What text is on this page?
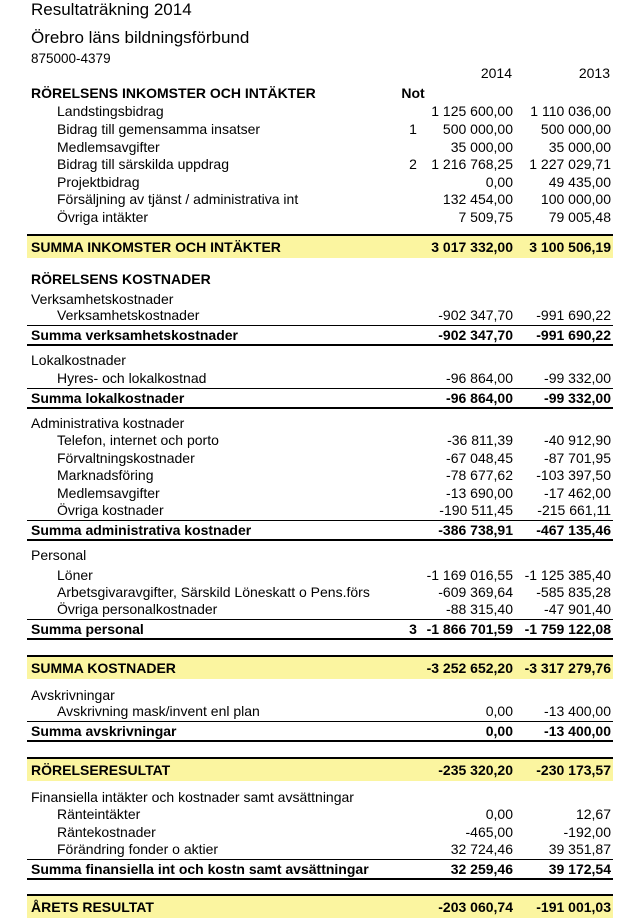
Resultaträkning 2014
Örebro läns bildningsförbund
875000-4379
2014	2013
RÖRELSENS INKOMSTER OCH INTÄKTER	Not
Landstingsbidrag	1 125 600,00 1 110 036,00
Bidrag till gemensamma insatser	1	500 000,00 500 000,00
Medlemsavgifter	35 000,00	35 000,00
Bidrag till särskilda uppdrag	2	1 216 768,25 1 227 029,71
Projektbidrag	0,00	49 435,00
Försäljning av tjänst / administrativa int	132 454,00 100 000,00
Övriga intäkter	7 509,75	79 005,48
SUMMA INKOMSTER OCH INTÄKTER	3 017 332,00 3 100 506,19
RÖRELSENS KOSTNADER
Verksamhetskostnader
Verksamhetskostnader	-902 347,70 -991 690,22
Summa verksamhetskostnader	-902 347,70 -991 690,22
Lokalkostnader
Hyres- och lokalkostnad	-96 864,00 -99 332,00
Summa lokalkostnader	-96 864,00 -99 332,00
Administrativa kostnader
Telefon, internet och porto	-36 811,39 -40 912,90
Förvaltningskostnader	-67 048,45 -87 701,95
Marknadsföring	-78 677,62 -103 397,50
Medlemsavgifter	-13 690,00 -17 462,00
Övriga kostnader	-190 511,45 -215 661,11
Summa administrativa kostnader	-386 738,91 -467 135,46
Personal
Löner	-1 169 016,55 -1 125 385,40
Arbetsgivaravgifter, Särskild Löneskatt o Pens.förs	-609 369,64 -585 835,28
Övriga personalkostnader	-88 315,40 -47 901,40
Summa personal	3 -1 866 701,59 -1 759 122,08
SUMMA KOSTNADER	-3 252 652,20 -3 317 279,76
Avskrivningar
Avskrivning mask/invent enl plan	0,00 -13 400,00
Summa avskrivningar	0,00 -13 400,00
RÖRELSERESULTAT	-235 320,20 -230 173,57
Finansiella intäkter och kostnader samt avsättningar
Ränteintäkter	0,00	12,67
Räntekostnader	-465,00	-192,00
Förändring fonder o aktier	32 724,46	39 351,87
Summa finansiella int och kostn samt avsättningar	32 259,46	39 172,54
ÅRETS RESULTAT	-203 060,74 -191 001,03
